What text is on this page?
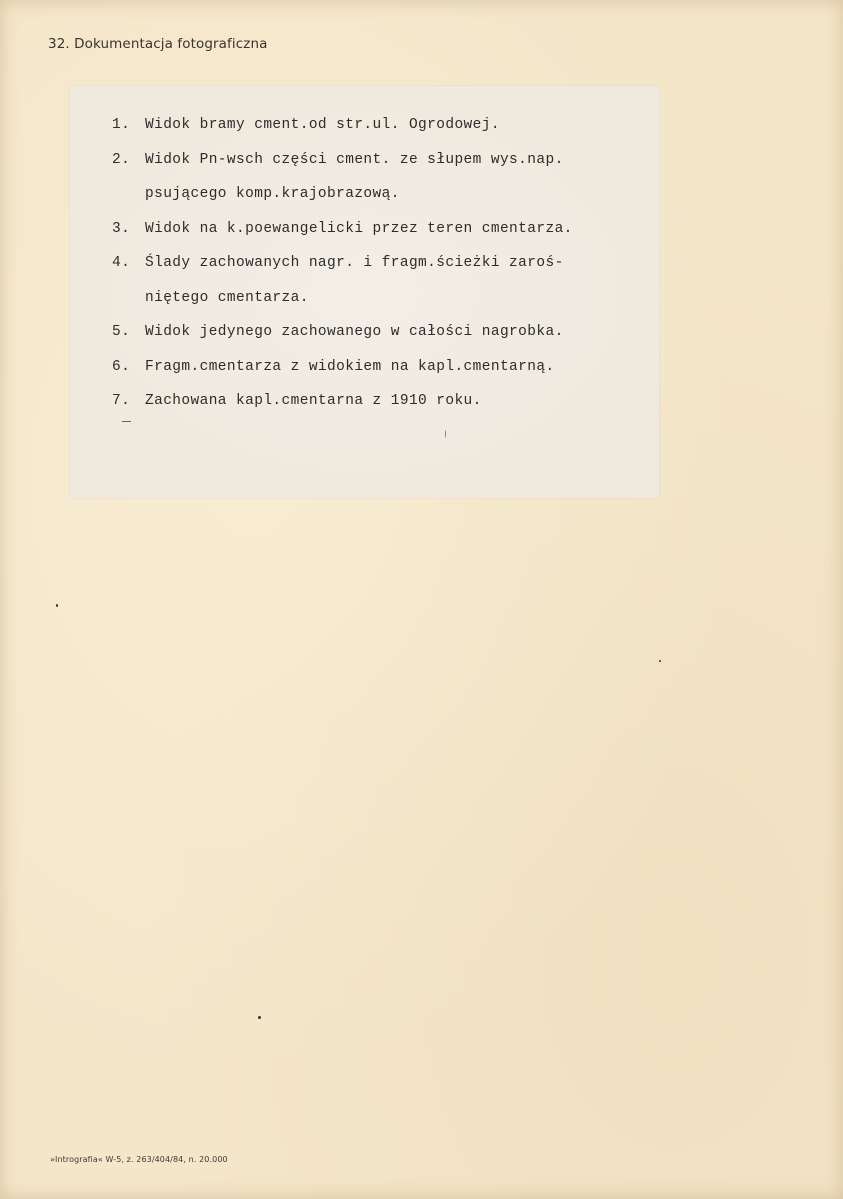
32. Dokumentacja fotograficzna
1. Widok bramy cment.od str.ul. Ogrodowej.
2. Widok Pn-wsch części cment. ze słupem wys.nap.
psującego komp.krajobrazową.
3. Widok na k.poewangelicki przez teren cmentarza.
4. Ślady zachowanych nagr. i fragm.ścieżki zaroś-
niętego cmentarza.
5. Widok jedynego zachowanego w całości nagrobka.
6. Fragm.cmentarza z widokiem na kapl.cmentarną.
7. Zachowana kapl.cmentarna z 1910 roku.
»Intrografia« W-5, z. 263/404/84, n. 20.000
